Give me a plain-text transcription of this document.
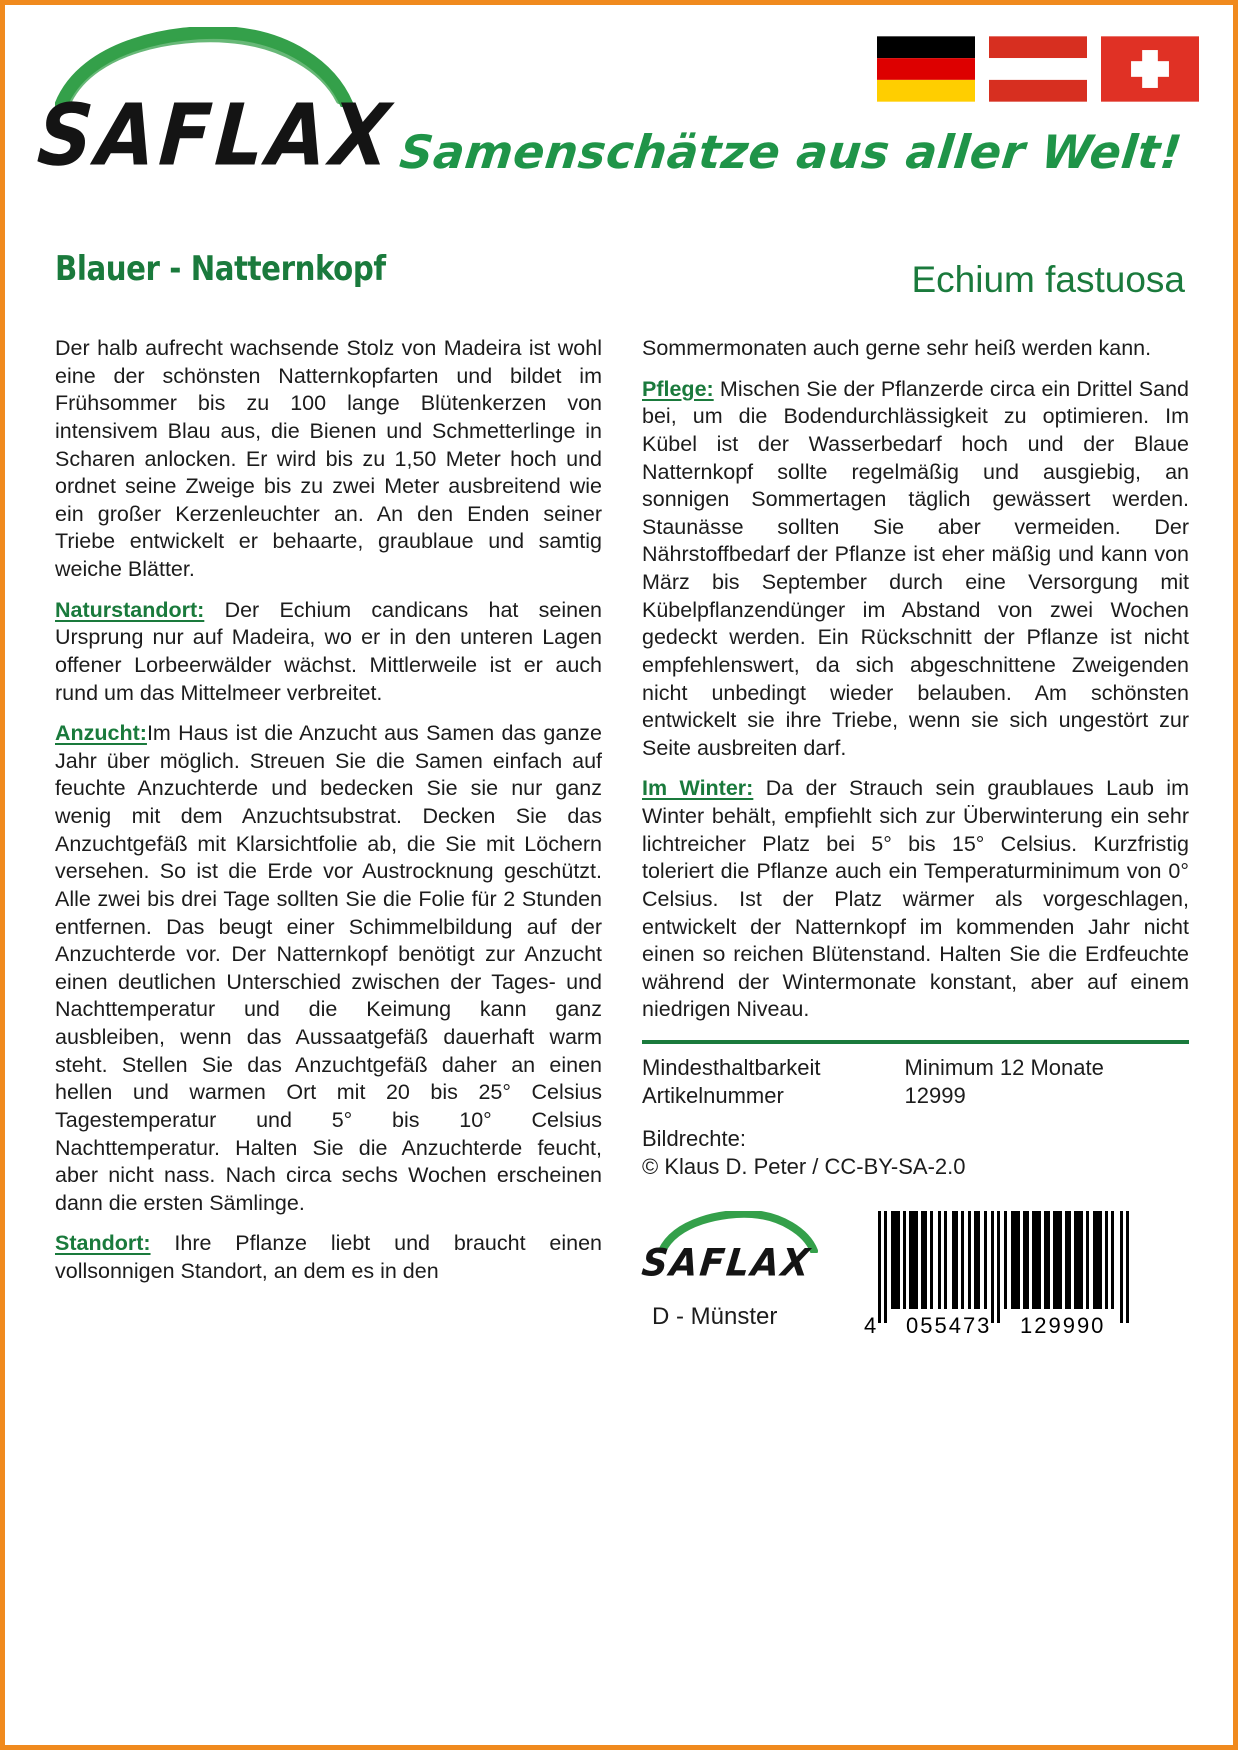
SAFLAX Samenschätze aus aller Welt!
Blauer - Natternkopf	Echium fastuosa

Der halb aufrecht wachsende Stolz von Madeira ist wohl eine der schönsten Natternkopfarten und bildet im Frühsommer bis zu 100 lange Blütenkerzen von intensivem Blau aus, die Bienen und Schmetterlinge in Scharen anlocken. Er wird bis zu 1,50 Meter hoch und ordnet seine Zweige bis zu zwei Meter ausbreitend wie ein großer Kerzenleuchter an. An den Enden seiner Triebe entwickelt er behaarte, graublaue und samtig weiche Blätter.

Naturstandort: Der Echium candicans hat seinen Ursprung nur auf Madeira, wo er in den unteren Lagen offener Lorbeerwälder wächst. Mittlerweile ist er auch rund um das Mittelmeer verbreitet.

Anzucht:Im Haus ist die Anzucht aus Samen das ganze Jahr über möglich. Streuen Sie die Samen einfach auf feuchte Anzuchterde und bedecken Sie sie nur ganz wenig mit dem Anzuchtsubstrat. Decken Sie das Anzuchtgefäß mit Klarsichtfolie ab, die Sie mit Löchern versehen. So ist die Erde vor Austrocknung geschützt. Alle zwei bis drei Tage sollten Sie die Folie für 2 Stunden entfernen. Das beugt einer Schimmelbildung auf der Anzuchterde vor. Der Natternkopf benötigt zur Anzucht einen deutlichen Unterschied zwischen der Tages- und Nachttemperatur und die Keimung kann ganz ausbleiben, wenn das Aussaatgefäß dauerhaft warm steht. Stellen Sie das Anzuchtgefäß daher an einen hellen und warmen Ort mit 20 bis 25° Celsius Tagestemperatur und 5° bis 10° Celsius Nachttemperatur. Halten Sie die Anzuchterde feucht, aber nicht nass. Nach circa sechs Wochen erscheinen dann die ersten Sämlinge.

Standort: Ihre Pflanze liebt und braucht einen vollsonnigen Standort, an dem es in den

Sommermonaten auch gerne sehr heiß werden kann.

Pflege: Mischen Sie der Pflanzerde circa ein Drittel Sand bei, um die Bodendurchlässigkeit zu optimieren. Im Kübel ist der Wasserbedarf hoch und der Blaue Natternkopf sollte regelmäßig und ausgiebig, an sonnigen Sommertagen täglich gewässert werden. Staunässe sollten Sie aber vermeiden. Der Nährstoffbedarf der Pflanze ist eher mäßig und kann von März bis September durch eine Versorgung mit Kübelpflanzendünger im Abstand von zwei Wochen gedeckt werden. Ein Rückschnitt der Pflanze ist nicht empfehlenswert, da sich abgeschnittene Zweigenden nicht unbedingt wieder belauben. Am schönsten entwickelt sie ihre Triebe, wenn sie sich ungestört zur Seite ausbreiten darf.

Im Winter: Da der Strauch sein graublaues Laub im Winter behält, empfiehlt sich zur Überwinterung ein sehr lichtreicher Platz bei 5° bis 15° Celsius. Kurzfristig toleriert die Pflanze auch ein Temperaturminimum von 0° Celsius. Ist der Platz wärmer als vorgeschlagen, entwickelt der Natternkopf im kommenden Jahr nicht einen so reichen Blütenstand. Halten Sie die Erdfeuchte während der Wintermonate konstant, aber auf einem niedrigen Niveau.

Mindesthaltbarkeit	Minimum 12 Monate
Artikelnummer	12999
Bildrechte:
© Klaus D. Peter / CC-BY-SA-2.0
SAFLAX
D - Münster	4 055473 129990
